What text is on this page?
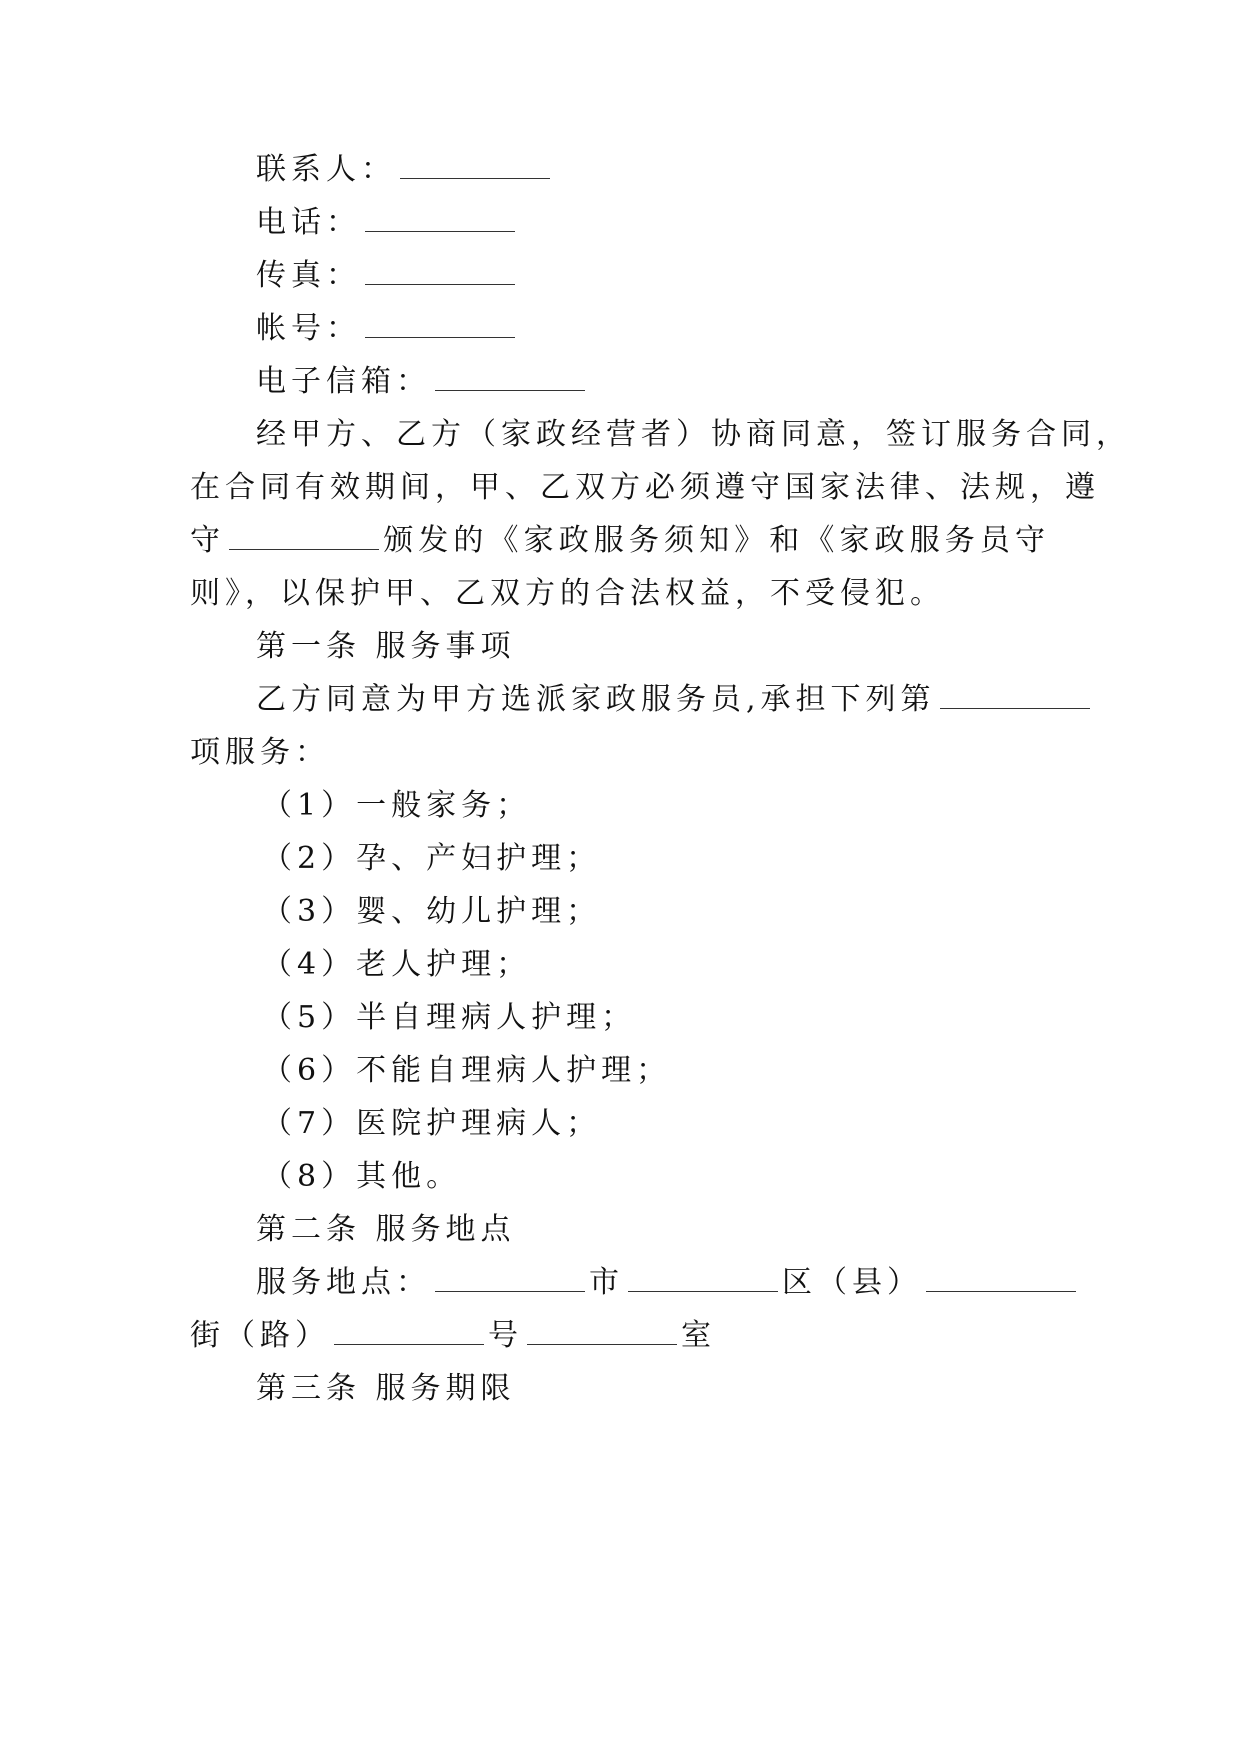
联系人：
电话：
传真：
帐号：
电子信箱：
经甲方、乙方（家政经营者）协商同意，签订服务合同，
在合同有效期间，甲、乙双方必须遵守国家法律、法规，遵
守	颁发的《家政服务须知》和《家政服务员守
则》，以保护甲、乙双方的合法权益，不受侵犯。
第一条 服务事项
乙方同意为甲方选派家政服务员,承担下列第
项服务：
（1）一般家务；
（2）孕、产妇护理；
（3）婴、幼儿护理；
（4）老人护理；
（5）半自理病人护理；
（6）不能自理病人护理；
（7）医院护理病人；
（8）其他。
第二条 服务地点
服务地点：	市	区（县）
街（路）	号	室
第三条 服务期限
